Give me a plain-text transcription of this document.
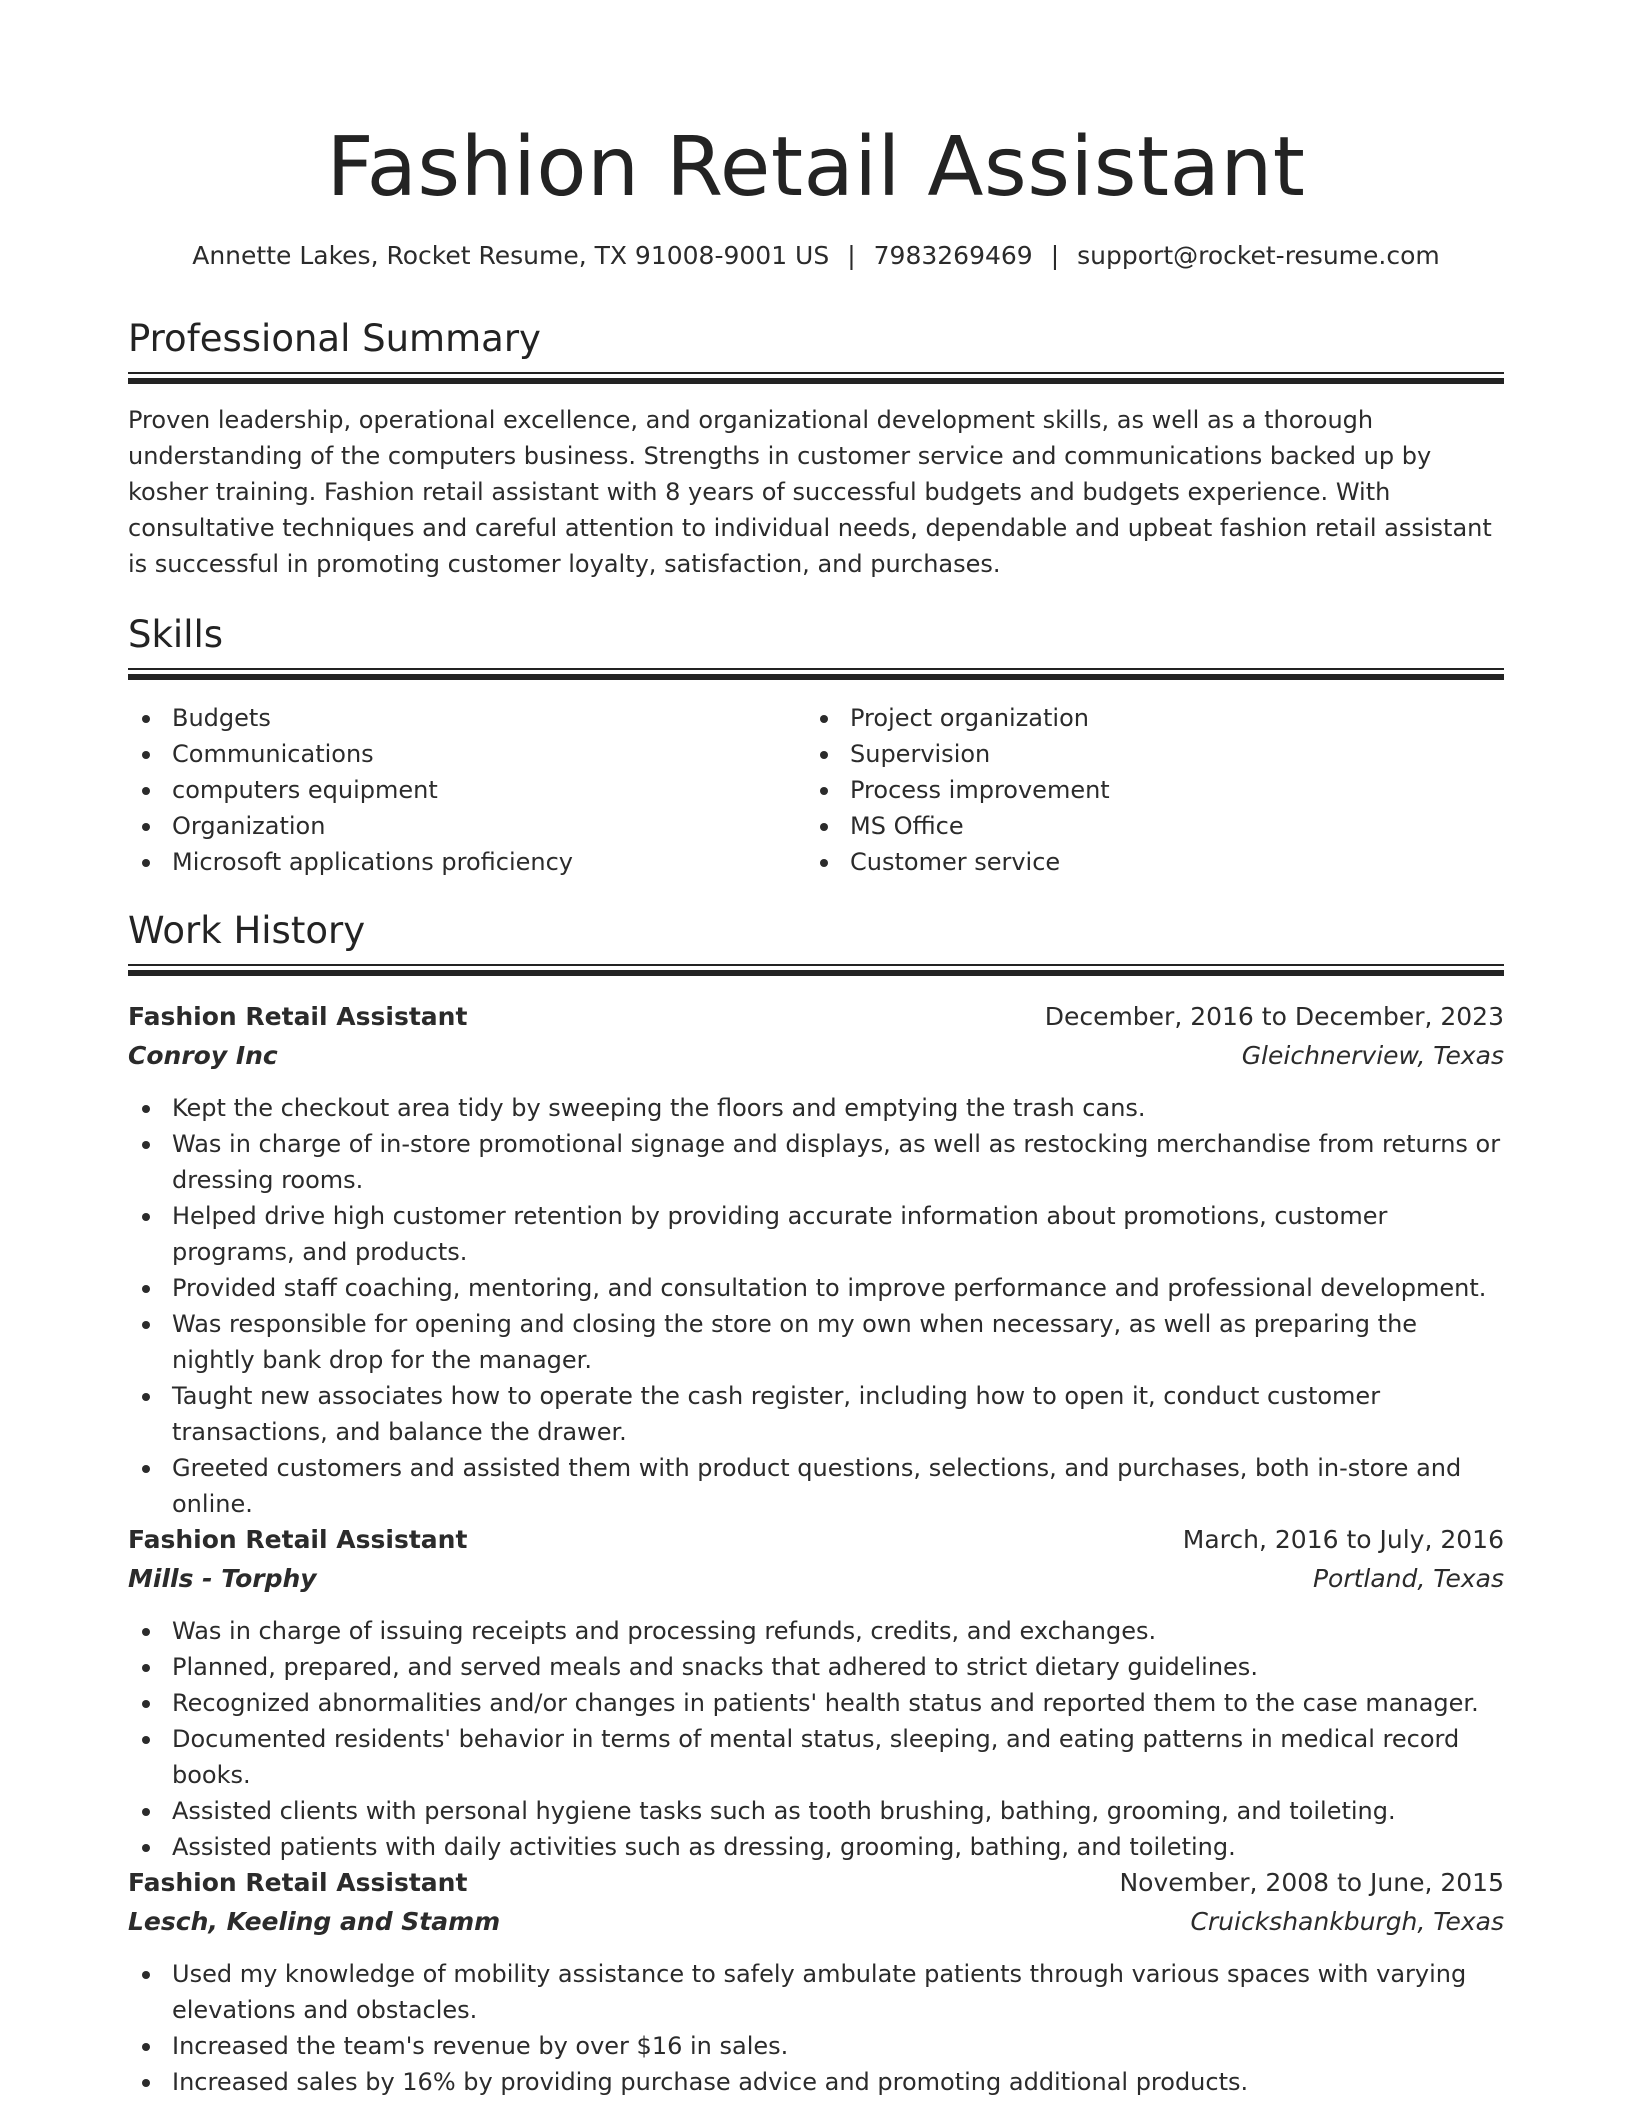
Fashion Retail Assistant
Annette Lakes, Rocket Resume, TX 91008-9001 US | 7983269469 | support@rocket-resume.com
Professional Summary
Proven leadership, operational excellence, and organizational development skills, as well as a thorough understanding of the computers business. Strengths in customer service and communications backed up by kosher training. Fashion retail assistant with 8 years of successful budgets and budgets experience. With consultative techniques and careful attention to individual needs, dependable and upbeat fashion retail assistant is successful in promoting customer loyalty, satisfaction, and purchases.
Skills
Budgets
Communications
computers equipment
Organization
Microsoft applications proficiency
Project organization
Supervision
Process improvement
MS Office
Customer service
Work History
Fashion Retail Assistant	December, 2016 to December, 2023
Conroy Inc	Gleichnerview, Texas
Kept the checkout area tidy by sweeping the floors and emptying the trash cans.
Was in charge of in-store promotional signage and displays, as well as restocking merchandise from returns or dressing rooms.
Helped drive high customer retention by providing accurate information about promotions, customer programs, and products.
Provided staff coaching, mentoring, and consultation to improve performance and professional development.
Was responsible for opening and closing the store on my own when necessary, as well as preparing the nightly bank drop for the manager.
Taught new associates how to operate the cash register, including how to open it, conduct customer transactions, and balance the drawer.
Greeted customers and assisted them with product questions, selections, and purchases, both in-store and online.
Fashion Retail Assistant	March, 2016 to July, 2016
Mills - Torphy	Portland, Texas
Was in charge of issuing receipts and processing refunds, credits, and exchanges.
Planned, prepared, and served meals and snacks that adhered to strict dietary guidelines.
Recognized abnormalities and/or changes in patients' health status and reported them to the case manager.
Documented residents' behavior in terms of mental status, sleeping, and eating patterns in medical record books.
Assisted clients with personal hygiene tasks such as tooth brushing, bathing, grooming, and toileting.
Assisted patients with daily activities such as dressing, grooming, bathing, and toileting.
Fashion Retail Assistant	November, 2008 to June, 2015
Lesch, Keeling and Stamm	Cruickshankburgh, Texas
Used my knowledge of mobility assistance to safely ambulate patients through various spaces with varying elevations and obstacles.
Increased the team's revenue by over $16 in sales.
Increased sales by 16% by providing purchase advice and promoting additional products.
